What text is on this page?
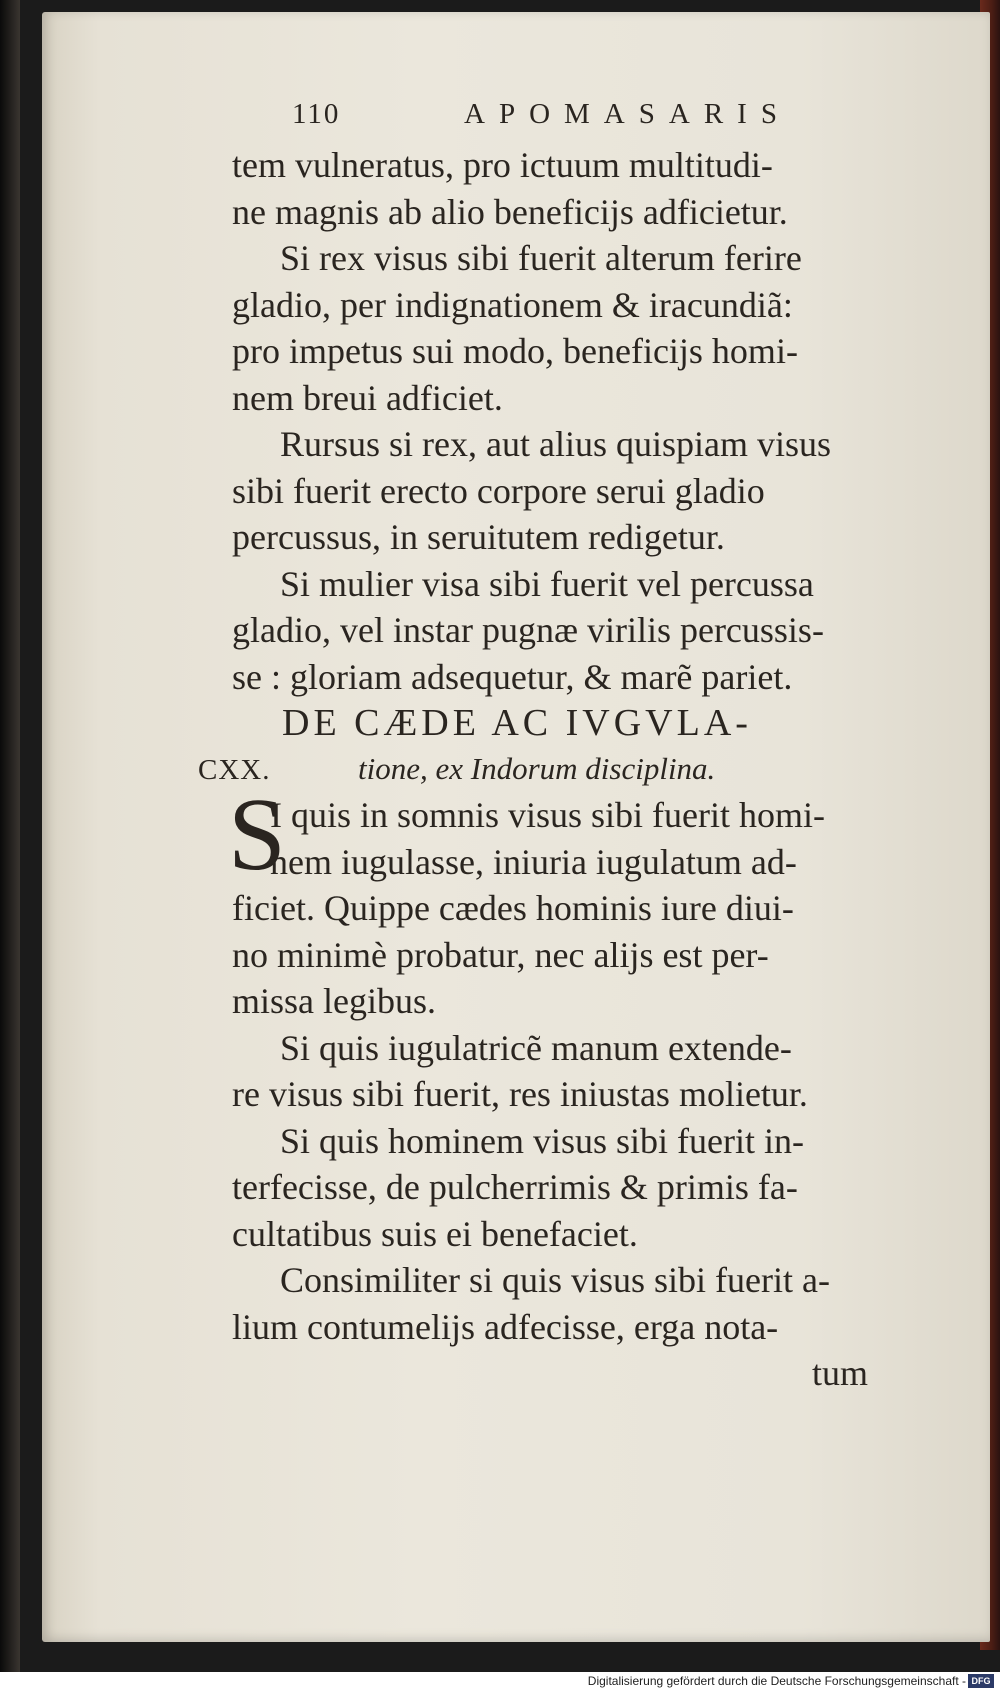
CXX.
110	APOMASARIS
tem vulneratus, pro ictuum multitudi-
ne magnis ab alio beneficijs adficietur.
Si rex visus sibi fuerit alterum ferire
gladio, per indignationem & iracundiã:
pro impetus sui modo, beneficijs homi-
nem breui adficiet.
Rursus si rex, aut alius quispiam visus
sibi fuerit erecto corpore serui gladio
percussus, in seruitutem redigetur.
Si mulier visa sibi fuerit vel percussa
gladio, vel instar pugnæ virilis percussis-
se : gloriam adsequetur, & marẽ pariet.
DE CÆDE AC IVGVLA-
tione, ex Indorum disciplina.
S
I quis in somnis visus sibi fuerit homi-
nem iugulasse, iniuria iugulatum ad-
ficiet. Quippe cædes hominis iure diui-
no minimè probatur, nec alijs est per-
missa legibus.
Si quis iugulatricẽ manum extende-
re visus sibi fuerit, res iniustas molietur.
Si quis hominem visus sibi fuerit in-
terfecisse, de pulcherrimis & primis fa-
cultatibus suis ei benefaciet.
Consimiliter si quis visus sibi fuerit a-
lium contumelijs adfecisse, erga nota-
tum
Digitalisierung gefördert durch die Deutsche Forschungsgemeinschaft - DFG
